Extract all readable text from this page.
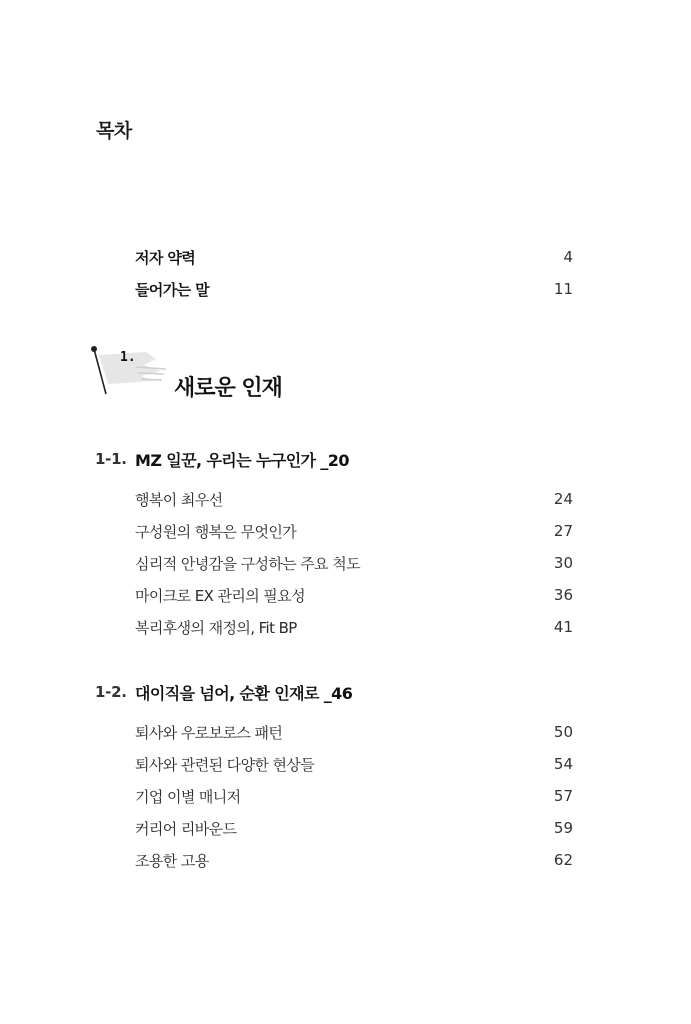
목차
저자 약력	4
들어가는 말	11
1.
새로운 인재
1-1. MZ 일꾼, 우리는 누구인가 _20
행복이 최우선	24
구성원의 행복은 무엇인가	27
심리적 안녕감을 구성하는 주요 척도	30
마이크로 EX 관리의 필요성	36
복리후생의 재정의, Fit BP	41
1-2. 대이직을 넘어, 순환 인재로 _46
퇴사와 우로보로스 패턴	50
퇴사와 관련된 다양한 현상들	54
기업 이별 매니저	57
커리어 리바운드	59
조용한 고용	62
